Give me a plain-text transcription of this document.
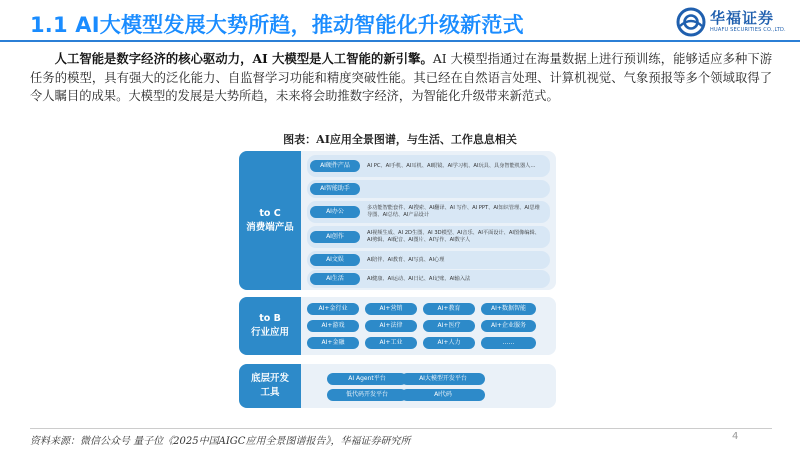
1.1 AI大模型发展大势所趋，推动智能化升级新范式	华福证券
HUAFU SECURITIES CO.,LTD.
人工智能是数字经济的核心驱动力，AI 大模型是人工智能的新引擎。AI 大模型指通过在海量数据上进行预训练，能够适应多种下游任务的模型，具有强大的泛化能力、自监督学习功能和精度突破性能。其已经在自然语言处理、计算机视觉、气象预报等多个领域取得了令人瞩目的成果。大模型的发展是大势所趋，未来将会助推数字经济，为智能化升级带来新范式。
图表：AI应用全景图谱，与生活、工作息息相关
to C
消费端产品
AI硬件产品	AI PC、AI手机、AI耳机、AI眼镜、AI学习机、AI玩具、具身智能机器人…
AI智能助手
AI办公	多功能智能套件、AI搜索、AI翻译、AI 写作、AI PPT、AI知识管理、AI思维导图、AI总结、AI产品设计
AI创作	AI视频生成、AI 2D生图、AI 3D模型、AI音乐、AI平面设计、AI图像编辑、AI剪辑、AI配音、AI图片、AI写作、AI数字人
AI文娱	AI陪伴、AI教育、AI写真、AI心理
AI生活	AI健康、AI运动、AI日记、AI记账、AI输入法
to B
行业应用
AI+金行业	AI+营销	AI+教育	AI+数据智能
AI+游戏	AI+法律	AI+医疗	AI+企业服务
AI+金融	AI+工业	AI+人力	……
底层开发
工具
AI Agent平台	AI大模型开发平台
低代码开发平台	AI代码
资料来源：微信公众号 量子位《2025中国AIGC应用全景图谱报告》，华福证券研究所	4
